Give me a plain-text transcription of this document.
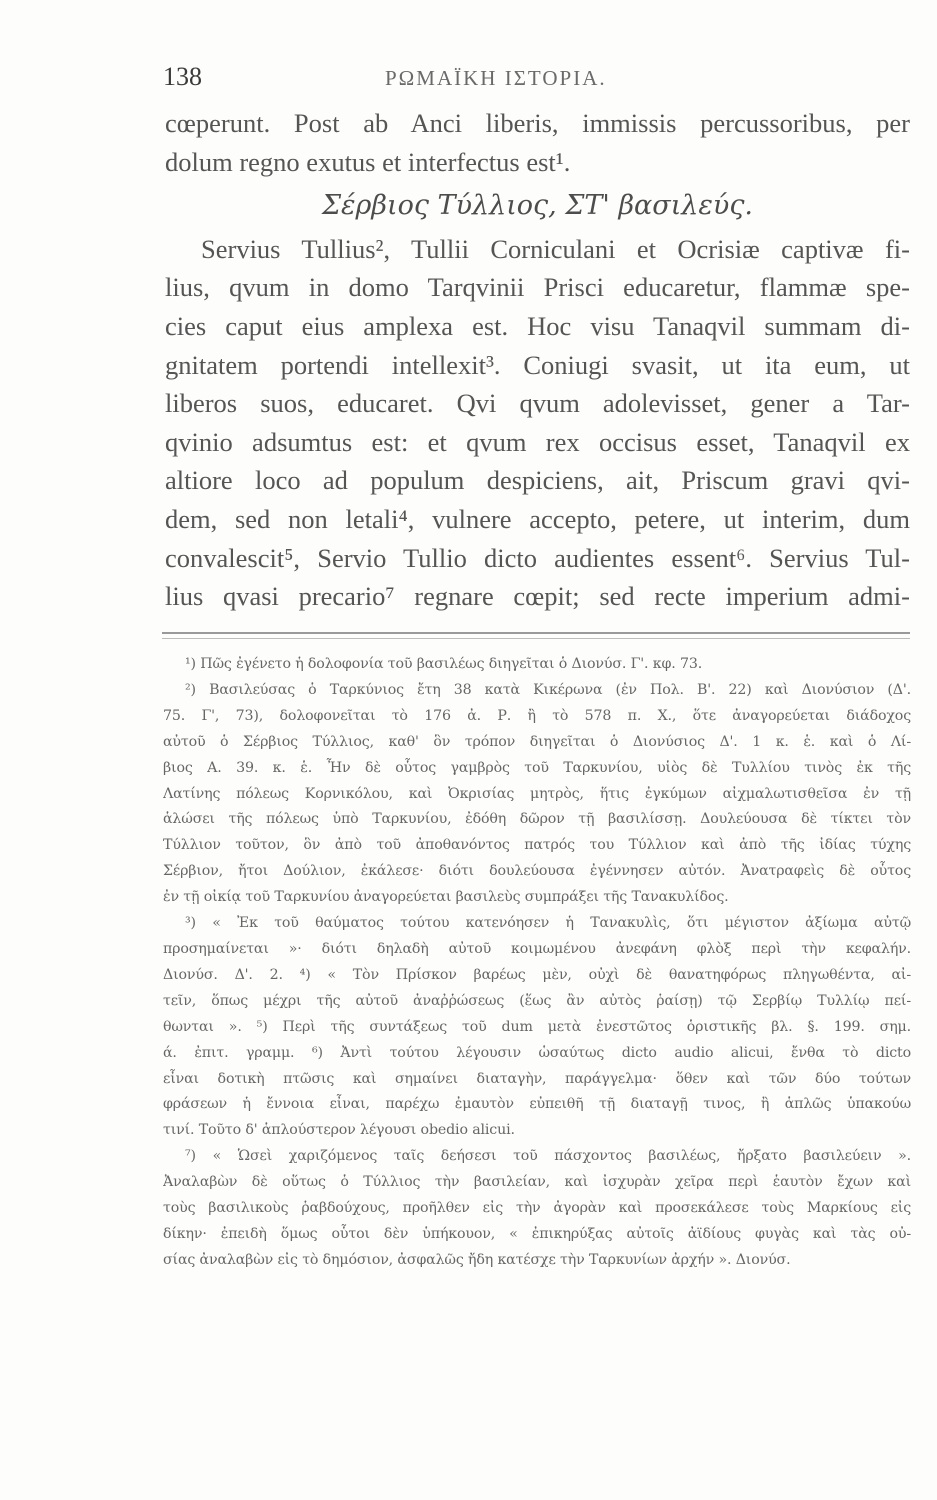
138	ΡΩΜΑΪΚΗ ΙΣΤΟΡΙΑ.

cœperunt. Post ab Anci liberis, immissis percussoribus, per
dolum regno exutus et interfectus est¹.

Σέρβιος Τύλλιος, ΣΤ' βασιλεύς.

Servius Tullius², Tullii Corniculani et Ocrisiæ captivæ fi-
lius, qvum in domo Tarqvinii Prisci educaretur, flammæ spe-
cies caput eius amplexa est. Hoc visu Tanaqvil summam di-
gnitatem portendi intellexit³. Coniugi svasit, ut ita eum, ut
liberos suos, educaret. Qvi qvum adolevisset, gener a Tar-
qvinio adsumtus est: et qvum rex occisus esset, Tanaqvil ex
altiore loco ad populum despiciens, ait, Priscum gravi qvi-
dem, sed non letali⁴, vulnere accepto, petere, ut interim, dum
convalescit⁵, Servio Tullio dicto audientes essent⁶. Servius Tul-
lius qvasi precario⁷ regnare cœpit; sed recte imperium admi-

¹) Πῶς ἐγένετο ἡ δολοφονία τοῦ βασιλέως διηγεῖται ὁ Διονύσ. Γ'. κφ. 73.

²) Βασιλεύσας ὁ Ταρκύνιος ἔτη 38 κατὰ Κικέρωνα (ἐν Πολ. Β'. 22) καὶ Διονύσιον (Δ'.
75. Γ', 73), δολοφονεῖται τὸ 176 ἀ. Ρ. ἢ τὸ 578 π. Χ., ὅτε ἀναγορεύεται διάδοχος
αὐτοῦ ὁ Σέρβιος Τύλλιος, καθ' ὃν τρόπον διηγεῖται ὁ Διονύσιος Δ'. 1 κ. ἑ. καὶ ὁ Λί-
βιος Α. 39. κ. ἑ. Ἦν δὲ οὗτος γαμβρὸς τοῦ Ταρκυνίου, υἱὸς δὲ Τυλλίου τινὸς ἐκ τῆς
Λατίνης πόλεως Κορνικόλου, καὶ Ὀκρισίας μητρὸς, ἥτις ἐγκύμων αἰχμαλωτισθεῖσα ἐν τῇ
ἁλώσει τῆς πόλεως ὑπὸ Ταρκυνίου, ἐδόθη δῶρον τῇ βασιλίσσῃ. Δουλεύουσα δὲ τίκτει τὸν
Τύλλιον τοῦτον, ὃν ἀπὸ τοῦ ἀποθανόντος πατρός του Τύλλιον καὶ ἀπὸ τῆς ἰδίας τύχης
Σέρβιον, ἤτοι Δούλιον, ἐκάλεσε· διότι δουλεύουσα ἐγέννησεν αὐτόν. Ἀνατραφεὶς δὲ οὗτος
ἐν τῇ οἰκίᾳ τοῦ Ταρκυνίου ἀναγορεύεται βασιλεὺς συμπράξει τῆς Τανακυλίδος.

³) « Ἐκ τοῦ θαύματος τούτου κατενόησεν ἡ Τανακυλὶς, ὅτι μέγιστον ἀξίωμα αὐτῷ
προσημαίνεται »· διότι δηλαδὴ αὐτοῦ κοιμωμένου ἀνεφάνη φλὸξ περὶ τὴν κεφαλήν.
Διονύσ. Δ'. 2. ⁴) « Τὸν Πρίσκον βαρέως μὲν, οὐχὶ δὲ θανατηφόρως πληγωθέντα, αἰ-
τεῖν, ὅπως μέχρι τῆς αὐτοῦ ἀναῤῥώσεως (ἕως ἂν αὐτὸς ῥαίσῃ) τῷ Σερβίῳ Τυλλίῳ πεί-
θωνται ». ⁵) Περὶ τῆς συντάξεως τοῦ dum μετὰ ἐνεστῶτος ὁριστικῆς βλ. §. 199. σημ.
ά. ἐπιτ. γραμμ. ⁶) Ἀντὶ τούτου λέγουσιν ὡσαύτως dicto audio alicui, ἔνθα τὸ dicto
εἶναι δοτικὴ πτῶσις καὶ σημαίνει διαταγὴν, παράγγελμα· ὅθεν καὶ τῶν δύο τούτων
φράσεων ἡ ἔννοια εἶναι, παρέχω ἐμαυτὸν εὐπειθῆ τῇ διαταγῇ τινος, ἢ ἁπλῶς ὑπακούω
τινί. Τοῦτο δ' ἁπλούστερον λέγουσι obedio alicui.

⁷) « Ὡσεὶ χαριζόμενος ταῖς δεήσεσι τοῦ πάσχοντος βασιλέως, ἤρξατο βασιλεύειν ».
Ἀναλαβὼν δὲ οὕτως ὁ Τύλλιος τὴν βασιλείαν, καὶ ἰσχυρὰν χεῖρα περὶ ἑαυτὸν ἔχων καὶ
τοὺς βασιλικοὺς ῥαβδούχους, προῆλθεν εἰς τὴν ἀγορὰν καὶ προσεκάλεσε τοὺς Μαρκίους εἰς
δίκην· ἐπειδὴ ὅμως οὗτοι δὲν ὑπήκουον, « ἐπικηρύξας αὐτοῖς ἀϊδίους φυγὰς καὶ τὰς οὐ-
σίας ἀναλαβὼν εἰς τὸ δημόσιον, ἀσφαλῶς ἤδη κατέσχε τὴν Ταρκυνίων ἀρχήν ». Διονύσ.
